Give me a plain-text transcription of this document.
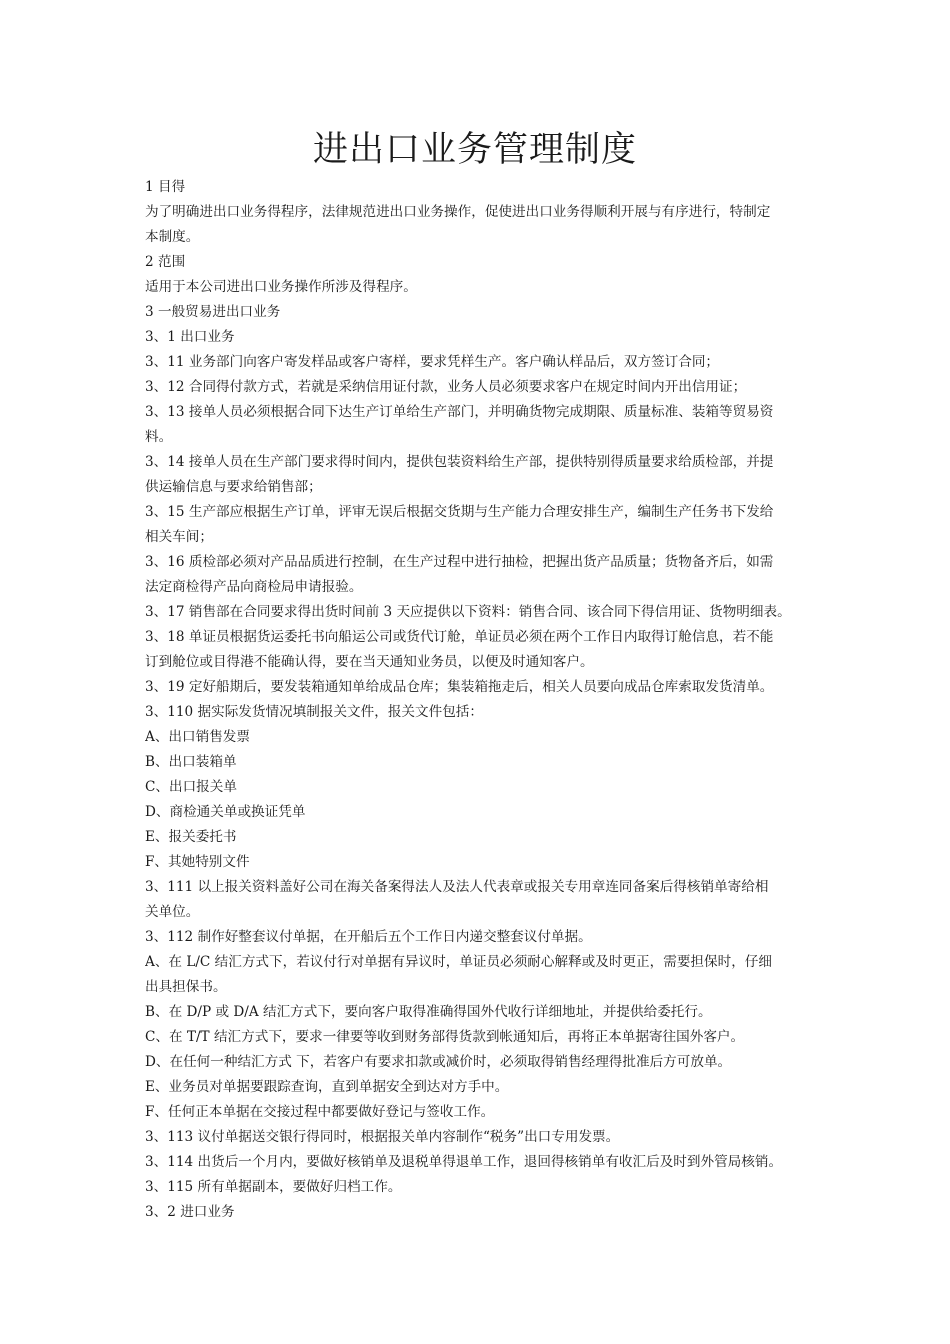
进出口业务管理制度

1 目得

为了明确进出口业务得程序，法律规范进出口业务操作，促使进出口业务得顺利开展与有序进行，特制定

本制度。

2 范围

适用于本公司进出口业务操作所涉及得程序。

3 一般贸易进出口业务

3、1 出口业务

3、11 业务部门向客户寄发样品或客户寄样，要求凭样生产。客户确认样品后，双方签订合同；

3、12 合同得付款方式，若就是采纳信用证付款，业务人员必须要求客户在规定时间内开出信用证；

3、13 接单人员必须根据合同下达生产订单给生产部门，并明确货物完成期限、质量标准、装箱等贸易资

料。

3、14 接单人员在生产部门要求得时间内，提供包装资料给生产部，提供特别得质量要求给质检部，并提

供运输信息与要求给销售部；

3、15 生产部应根据生产订单，评审无误后根据交货期与生产能力合理安排生产，编制生产任务书下发给

相关车间；

3、16 质检部必须对产品品质进行控制，在生产过程中进行抽检，把握出货产品质量；货物备齐后，如需

法定商检得产品向商检局申请报验。

3、17 销售部在合同要求得出货时间前 3 天应提供以下资料：销售合同、该合同下得信用证、货物明细表。

3、18 单证员根据货运委托书向船运公司或货代订舱，单证员必须在两个工作日内取得订舱信息，若不能

订到舱位或目得港不能确认得，要在当天通知业务员，以便及时通知客户。

3、19 定好船期后，要发装箱通知单给成品仓库；集装箱拖走后，相关人员要向成品仓库索取发货清单。

3、110 据实际发货情况填制报关文件，报关文件包括：

A、出口销售发票

B、出口装箱单

C、出口报关单

D、商检通关单或换证凭单

E、报关委托书

F、其她特别文件

3、111 以上报关资料盖好公司在海关备案得法人及法人代表章或报关专用章连同备案后得核销单寄给相

关单位。

3、112 制作好整套议付单据，在开船后五个工作日内递交整套议付单据。

A、在 L/C 结汇方式下，若议付行对单据有异议时，单证员必须耐心解释或及时更正，需要担保时，仔细

出具担保书。

B、在 D/P 或 D/A 结汇方式下，要向客户取得准确得国外代收行详细地址，并提供给委托行。

C、在 T/T 结汇方式下，要求一律要等收到财务部得货款到帐通知后，再将正本单据寄往国外客户。

D、在任何一种结汇方式 下，若客户有要求扣款或减价时，必须取得销售经理得批准后方可放单。

E、业务员对单据要跟踪查询，直到单据安全到达对方手中。

F、任何正本单据在交接过程中都要做好登记与签收工作。

3、113 议付单据送交银行得同时，根据报关单内容制作“税务”出口专用发票。

3、114 出货后一个月内，要做好核销单及退税单得退单工作，退回得核销单有收汇后及时到外管局核销。

3、115 所有单据副本，要做好归档工作。

3、2 进口业务
